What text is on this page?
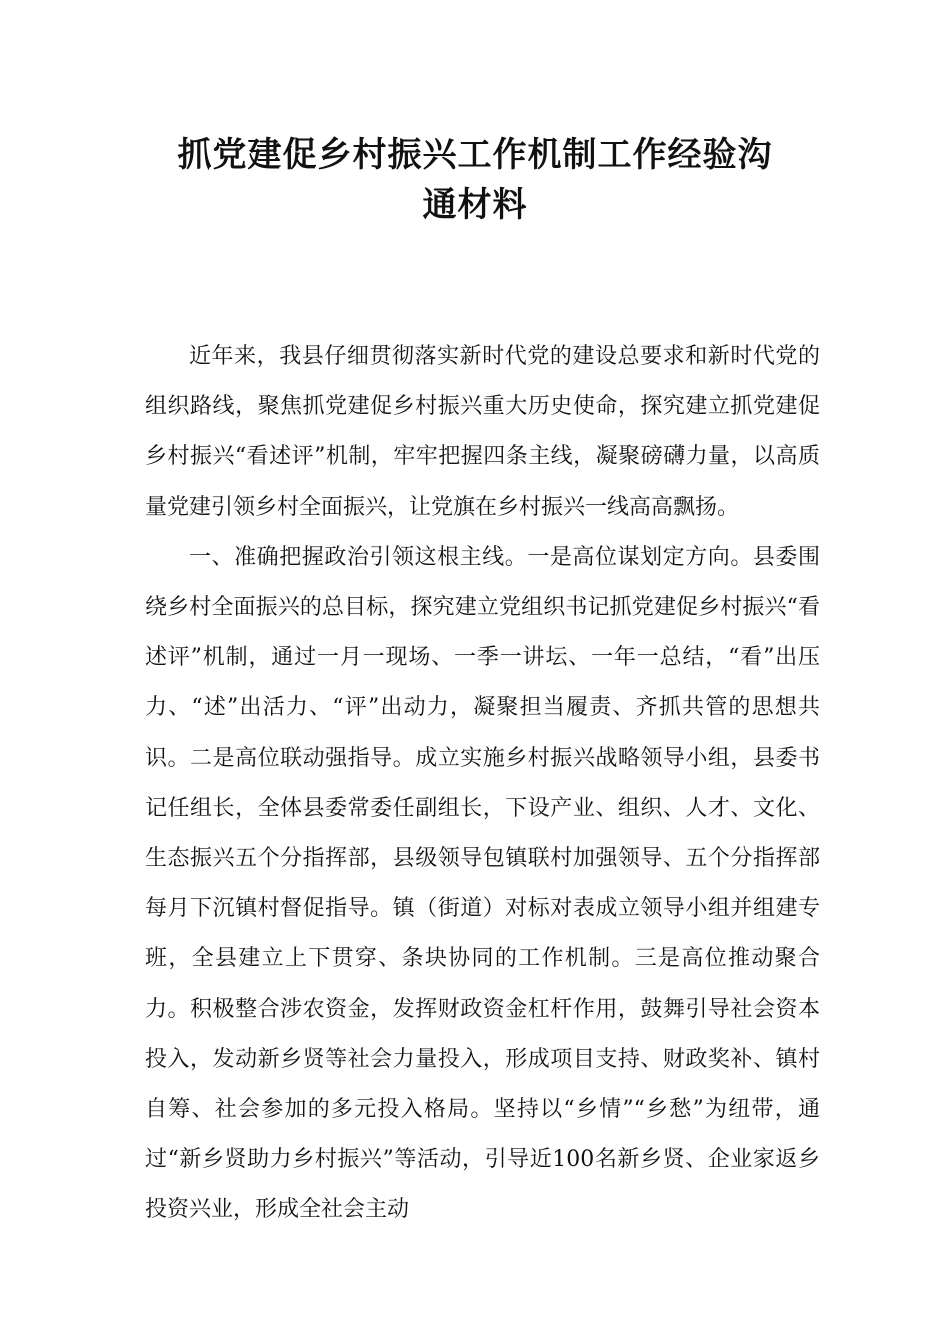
抓党建促乡村振兴工作机制工作经验沟
通材料

近年来，我县仔细贯彻落实新时代党的建设总要求和新时代党的组织路线，聚焦抓党建促乡村振兴重大历史使命，探究建立抓党建促乡村振兴“看述评”机制，牢牢把握四条主线，凝聚磅礴力量，以高质量党建引领乡村全面振兴，让党旗在乡村振兴一线高高飘扬。

一、准确把握政治引领这根主线。一是高位谋划定方向。县委围绕乡村全面振兴的总目标，探究建立党组织书记抓党建促乡村振兴“看述评”机制，通过一月一现场、一季一讲坛、一年一总结，“看”出压力、“述”出活力、“评”出动力，凝聚担当履责、齐抓共管的思想共识。二是高位联动强指导。成立实施乡村振兴战略领导小组，县委书记任组长，全体县委常委任副组长，下设产业、组织、人才、文化、生态振兴五个分指挥部，县级领导包镇联村加强领导、五个分指挥部每月下沉镇村督促指导。镇（街道）对标对表成立领导小组并组建专班，全县建立上下贯穿、条块协同的工作机制。三是高位推动聚合力。积极整合涉农资金，发挥财政资金杠杆作用，鼓舞引导社会资本投入，发动新乡贤等社会力量投入，形成项目支持、财政奖补、镇村自筹、社会参加的多元投入格局。坚持以“乡情”“乡愁”为纽带，通过“新乡贤助力乡村振兴”等活动，引导近100名新乡贤、企业家返乡投资兴业，形成全社会主动
